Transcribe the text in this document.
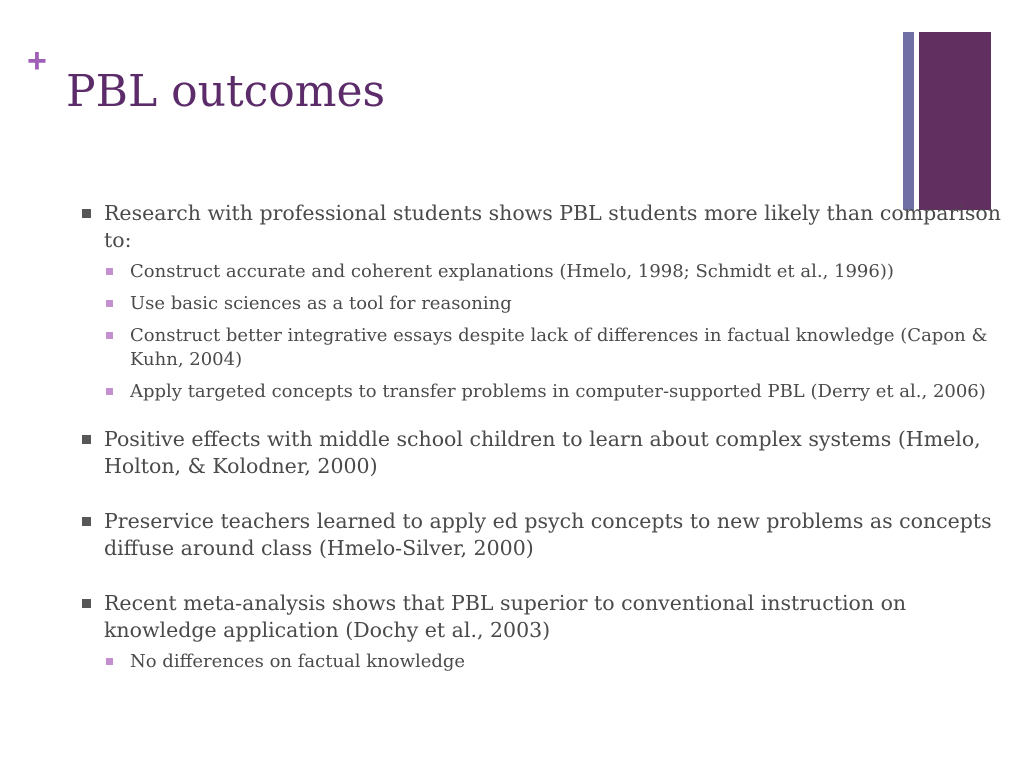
+
PBL outcomes
Research with professional students shows PBL students more likely than comparison to:
Construct accurate and coherent explanations (Hmelo, 1998; Schmidt et al., 1996))
Use basic sciences as a tool for reasoning
Construct better integrative essays despite lack of differences in factual knowledge (Capon & Kuhn, 2004)
Apply targeted concepts to transfer problems in computer-supported PBL (Derry et al., 2006)
Positive effects with middle school children to learn about complex systems (Hmelo, Holton, & Kolodner, 2000)
Preservice teachers learned to apply ed psych concepts to new problems as concepts diffuse around class (Hmelo-Silver, 2000)
Recent meta-analysis shows that PBL superior to conventional instruction on knowledge application (Dochy et al., 2003)
No differences on factual knowledge
